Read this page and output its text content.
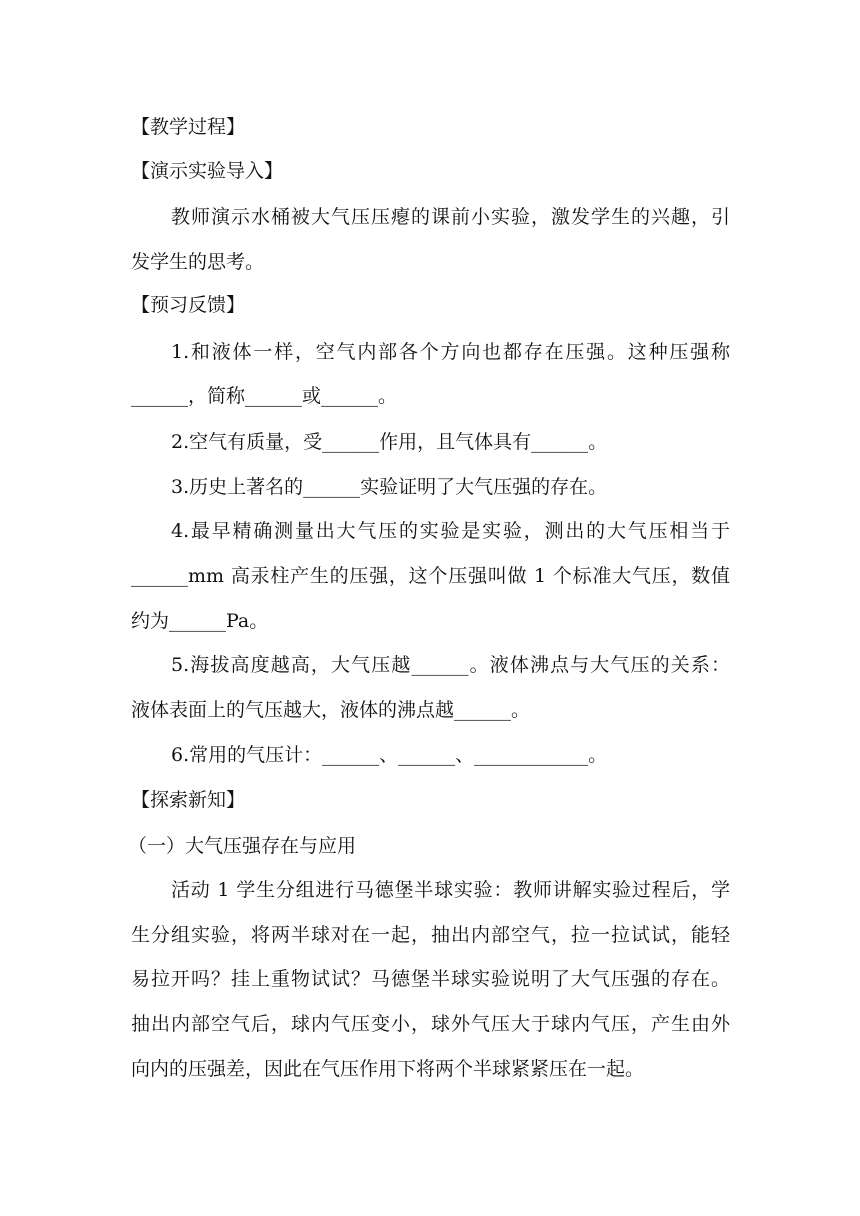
【教学过程】
【演示实验导入】
教师演示水桶被大气压压瘪的课前小实验，激发学生的兴趣，引
发学生的思考。
【预习反馈】
1.和液体一样，空气内部各个方向也都存在压强。这种压强称
______，简称______或______。
2.空气有质量，受______作用，且气体具有______。
3.历史上著名的______实验证明了大气压强的存在。
4.最早精确测量出大气压的实验是实验，测出的大气压相当于
______mm 高汞柱产生的压强，这个压强叫做 1 个标准大气压，数值
约为______Pa。
5.海拔高度越高，大气压越______。液体沸点与大气压的关系：
液体表面上的气压越大，液体的沸点越______。
6.常用的气压计：______、______、____________。
【探索新知】
（一）大气压强存在与应用
活动 1 学生分组进行马德堡半球实验：教师讲解实验过程后，学
生分组实验，将两半球对在一起，抽出内部空气，拉一拉试试，能轻
易拉开吗？挂上重物试试？马德堡半球实验说明了大气压强的存在。
抽出内部空气后，球内气压变小，球外气压大于球内气压，产生由外
向内的压强差，因此在气压作用下将两个半球紧紧压在一起。
